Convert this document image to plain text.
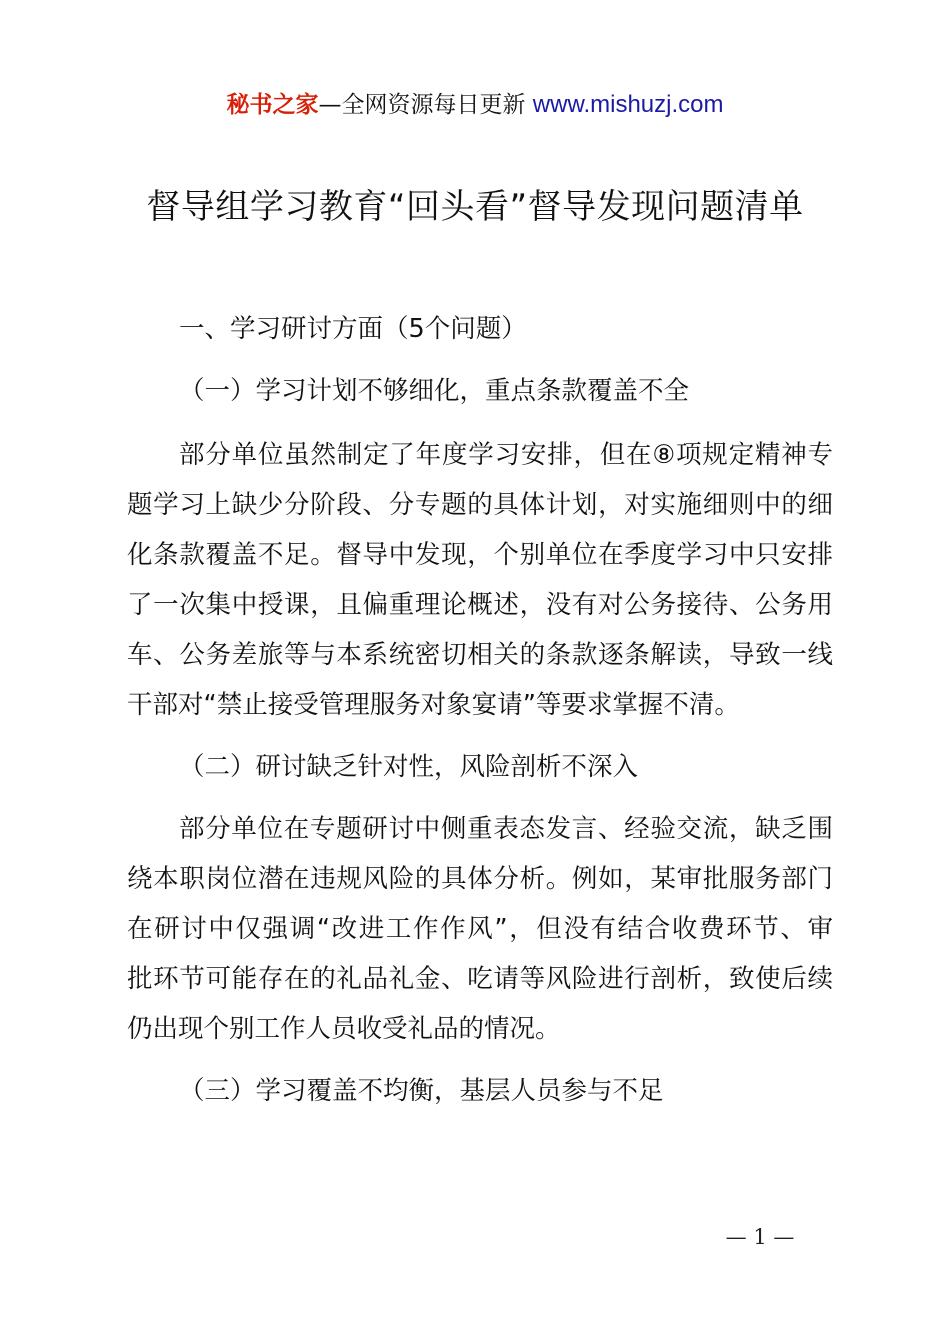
秘书之家—全网资源每日更新 www.mishuzj.com
督导组学习教育“回头看”督导发现问题清单
一、学习研讨方面（5个问题）
（一）学习计划不够细化，重点条款覆盖不全
部分单位虽然制定了年度学习安排，但在⑧项规定精神专
题学习上缺少分阶段、分专题的具体计划，对实施细则中的细
化条款覆盖不足。督导中发现，个别单位在季度学习中只安排
了一次集中授课，且偏重理论概述，没有对公务接待、公务用
车、公务差旅等与本系统密切相关的条款逐条解读，导致一线
干部对“禁止接受管理服务对象宴请”等要求掌握不清。
（二）研讨缺乏针对性，风险剖析不深入
部分单位在专题研讨中侧重表态发言、经验交流，缺乏围
绕本职岗位潜在违规风险的具体分析。例如，某审批服务部门
在研讨中仅强调“改进工作作风”，但没有结合收费环节、审
批环节可能存在的礼品礼金、吃请等风险进行剖析，致使后续
仍出现个别工作人员收受礼品的情况。
（三）学习覆盖不均衡，基层人员参与不足
— 1 —
